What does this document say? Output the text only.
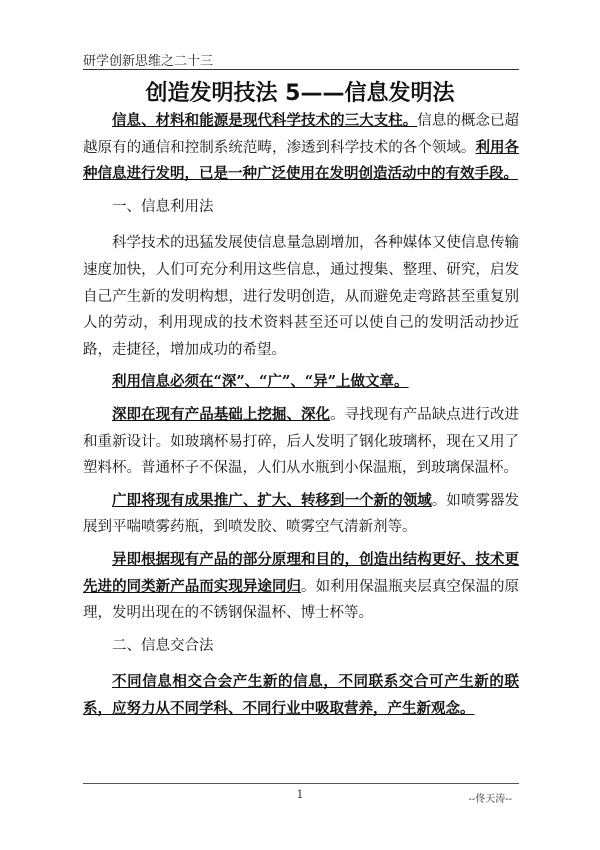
研学创新思维之二十三
创造发明技法 5——信息发明法

信息、材料和能源是现代科学技术的三大支柱。信息的概念已超越原有的通信和控制系统范畴，渗透到科学技术的各个领域。利用各种信息进行发明，已是一种广泛使用在发明创造活动中的有效手段。

一、信息利用法

科学技术的迅猛发展使信息量急剧增加，各种媒体又使信息传输速度加快，人们可充分利用这些信息，通过搜集、整理、研究，启发自己产生新的发明构想，进行发明创造，从而避免走弯路甚至重复别人的劳动，利用现成的技术资料甚至还可以使自己的发明活动抄近路，走捷径，增加成功的希望。

利用信息必须在“深”、“广”、“异”上做文章。

深即在现有产品基础上挖掘、深化。寻找现有产品缺点进行改进和重新设计。如玻璃杯易打碎，后人发明了钢化玻璃杯，现在又用了塑料杯。普通杯子不保温，人们从水瓶到小保温瓶，到玻璃保温杯。

广即将现有成果推广、扩大、转移到一个新的领域。如喷雾器发展到平喘喷雾药瓶，到喷发胶、喷雾空气清新剂等。

异即根据现有产品的部分原理和目的，创造出结构更好、技术更先进的同类新产品而实现异途同归。如利用保温瓶夹层真空保温的原理，发明出现在的不锈钢保温杯、博士杯等。

二、信息交合法

不同信息相交合会产生新的信息，不同联系交合可产生新的联系，应努力从不同学科、不同行业中吸取营养，产生新观念。

1	--佟天涛--
